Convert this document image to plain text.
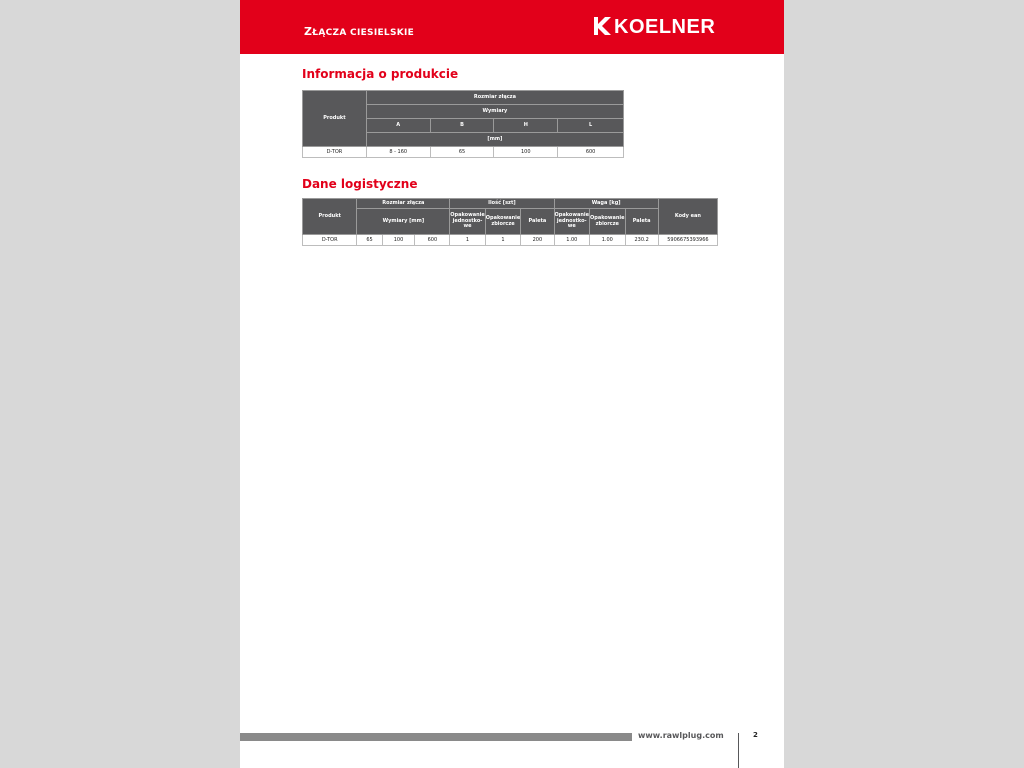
ZŁĄCZA CIESIELSKIE	KOELNER
Informacja o produkcie
Produkt	Rozmiar złącza			
	Wymiary			
	A	B	H	L
	[mm]			
D-TOR	8 - 160	65	100	600
Dane logistyczne
Produkt	Rozmiar złącza			Ilość [szt]			Waga [kg]			Kody ean
	Wymiary [mm]			Opakowanie jednostko-we	Opakowanie zbiorcze	Paleta	Opakowanie jednostko-we	Opakowanie zbiorcze	Paleta	
D-TOR	65	100	600	1	1	200	1.00	1.00	230.2	5906675393966
www.rawlplug.com	2
